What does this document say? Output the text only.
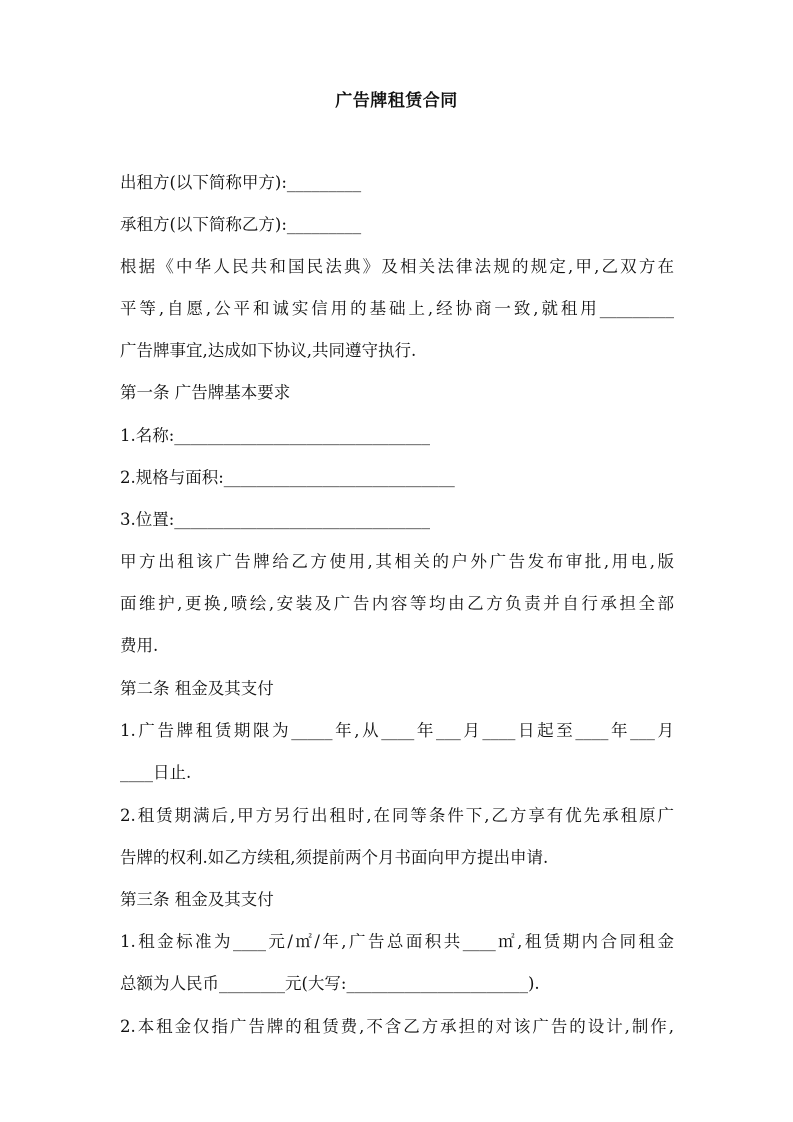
广告牌租赁合同
出租方(以下简称甲方):_________
承租方(以下简称乙方):_________
根据《中华人民共和国民法典》及相关法律法规的规定,甲,乙双方在
平等,自愿,公平和诚实信用的基础上,经协商一致,就租用_________
广告牌事宜,达成如下协议,共同遵守执行.
第一条 广告牌基本要求
1.名称:_______________________________
2.规格与面积:____________________________
3.位置:_______________________________
甲方出租该广告牌给乙方使用,其相关的户外广告发布审批,用电,版
面维护,更换,喷绘,安装及广告内容等均由乙方负责并自行承担全部
费用.
第二条 租金及其支付
1.广告牌租赁期限为_____年,从____年___月____日起至____年___月
____日止.
2.租赁期满后,甲方另行出租时,在同等条件下,乙方享有优先承租原广
告牌的权利.如乙方续租,须提前两个月书面向甲方提出申请.
第三条 租金及其支付
1.租金标准为____元/㎡/年,广告总面积共____㎡,租赁期内合同租金
总额为人民币________元(大写:______________________).
2.本租金仅指广告牌的租赁费,不含乙方承担的对该广告的设计,制作,
